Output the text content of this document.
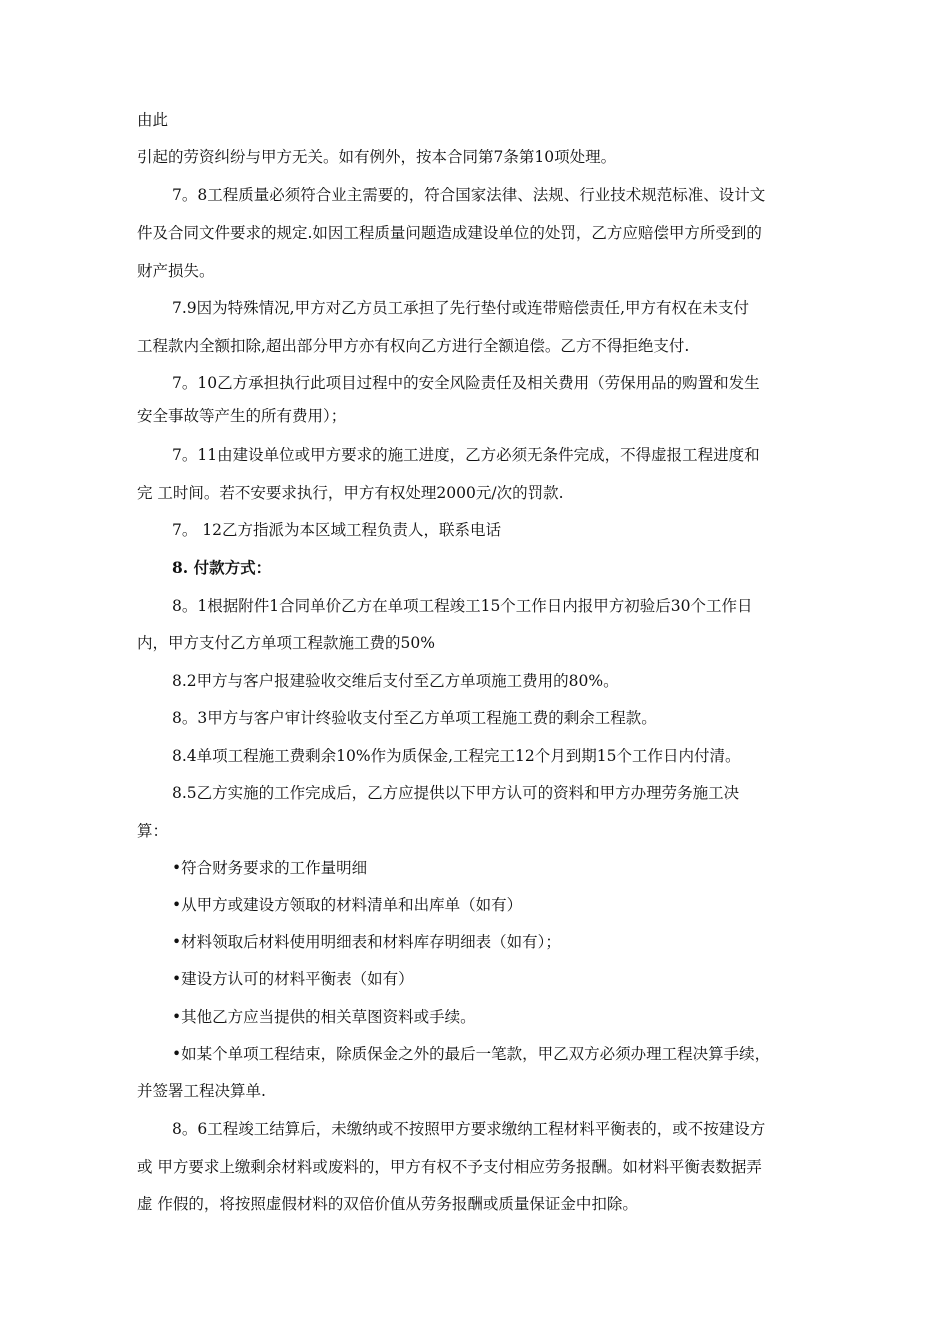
由此
引起的劳资纠纷与甲方无关。如有例外，按本合同第7条第10项处理。
7。8工程质量必须符合业主需要的，符合国家法律、法规、行业技术规范标准、设计文
件及合同文件要求的规定.如因工程质量问题造成建设单位的处罚，乙方应赔偿甲方所受到的
财产损失。
7.9因为特殊情况,甲方对乙方员工承担了先行垫付或连带赔偿责任,甲方有权在未支付
工程款内全额扣除,超出部分甲方亦有权向乙方进行全额追偿。乙方不得拒绝支付.
7。10乙方承担执行此项目过程中的安全风险责任及相关费用（劳保用品的购置和发生
安全事故等产生的所有费用）；
7。11由建设单位或甲方要求的施工进度，乙方必须无条件完成，不得虚报工程进度和
完 工时间。若不安要求执行，甲方有权处理2000元/次的罚款.
7。 12乙方指派为本区域工程负责人，联系电话
8. 付款方式：
8。1根据附件1合同单价乙方在单项工程竣工15个工作日内报甲方初验后30个工作日
内，甲方支付乙方单项工程款施工费的50%
8.2甲方与客户报建验收交维后支付至乙方单项施工费用的80%。
8。3甲方与客户审计终验收支付至乙方单项工程施工费的剩余工程款。
8.4单项工程施工费剩余10%作为质保金,工程完工12个月到期15个工作日内付清。
8.5乙方实施的工作完成后，乙方应提供以下甲方认可的资料和甲方办理劳务施工决
算：
•符合财务要求的工作量明细
•从甲方或建设方领取的材料清单和出库单（如有）
•材料领取后材料使用明细表和材料库存明细表（如有）；
•建设方认可的材料平衡表（如有）
•其他乙方应当提供的相关草图资料或手续。
•如某个单项工程结束，除质保金之外的最后一笔款，甲乙双方必须办理工程决算手续，
并签署工程决算单.
8。6工程竣工结算后，未缴纳或不按照甲方要求缴纳工程材料平衡表的，或不按建设方
或 甲方要求上缴剩余材料或废料的，甲方有权不予支付相应劳务报酬。如材料平衡表数据弄
虚 作假的，将按照虚假材料的双倍价值从劳务报酬或质量保证金中扣除。
